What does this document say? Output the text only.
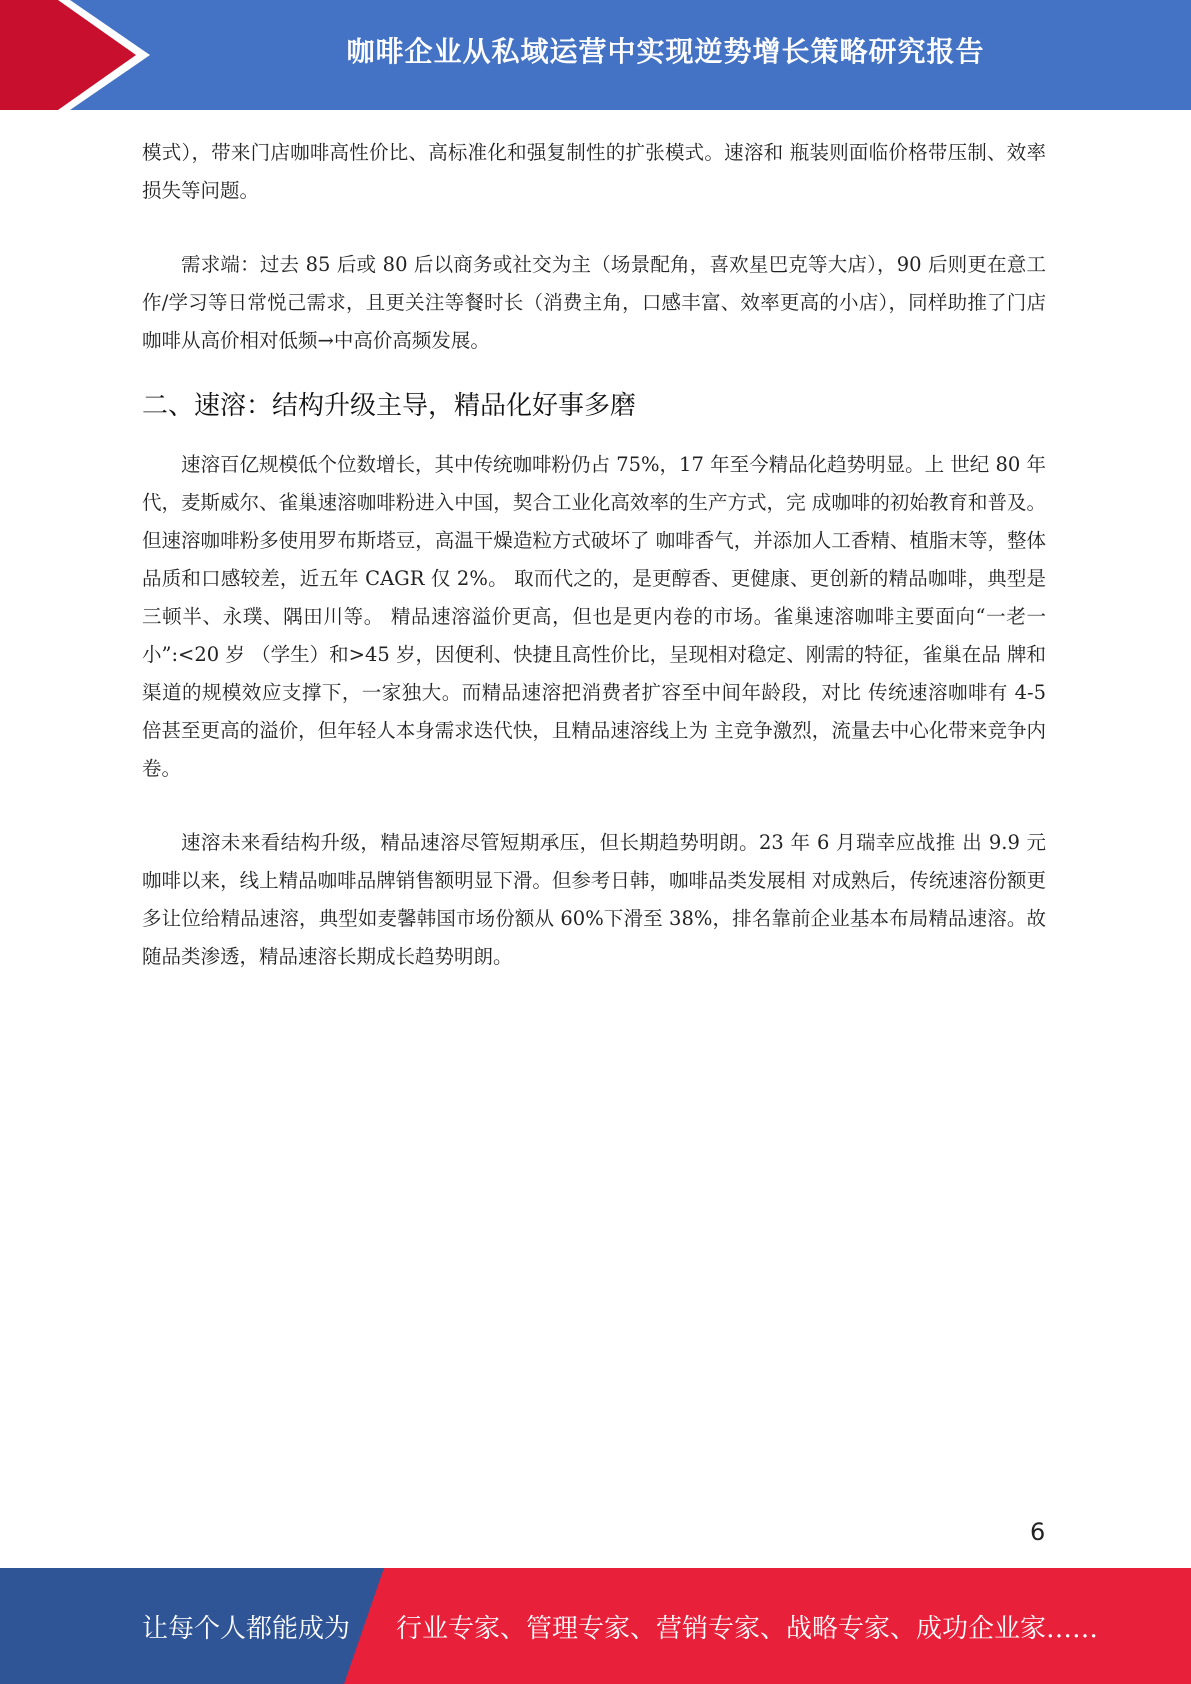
咖啡企业从私域运营中实现逆势增长策略研究报告

模式），带来门店咖啡高性价比、高标准化和强复制性的扩张模式。速溶和 瓶装则面临价格带压制、效率损失等问题。

需求端：过去 85 后或 80 后以商务或社交为主（场景配角，喜欢星巴克等大店），90 后则更在意工作/学习等日常悦己需求，且更关注等餐时长（消费主角，口感丰富、效率更高的小店），同样助推了门店咖啡从高价相对低频→中高价高频发展。

二、速溶：结构升级主导，精品化好事多磨

速溶百亿规模低个位数增长，其中传统咖啡粉仍占 75%，17 年至今精品化趋势明显。上 世纪 80 年代，麦斯威尔、雀巢速溶咖啡粉进入中国，契合工业化高效率的生产方式，完 成咖啡的初始教育和普及。但速溶咖啡粉多使用罗布斯塔豆，高温干燥造粒方式破坏了 咖啡香气，并添加人工香精、植脂末等，整体品质和口感较差，近五年 CAGR 仅 2%。 取而代之的，是更醇香、更健康、更创新的精品咖啡，典型是三顿半、永璞、隅田川等。 精品速溶溢价更高，但也是更内卷的市场。雀巢速溶咖啡主要面向“一老一小”:<20 岁 （学生）和>45 岁，因便利、快捷且高性价比，呈现相对稳定、刚需的特征，雀巢在品 牌和渠道的规模效应支撑下，一家独大。而精品速溶把消费者扩容至中间年龄段，对比 传统速溶咖啡有 4-5 倍甚至更高的溢价，但年轻人本身需求迭代快，且精品速溶线上为 主竞争激烈，流量去中心化带来竞争内卷。

速溶未来看结构升级，精品速溶尽管短期承压，但长期趋势明朗。23 年 6 月瑞幸应战推 出 9.9 元咖啡以来，线上精品咖啡品牌销售额明显下滑。但参考日韩，咖啡品类发展相 对成熟后，传统速溶份额更多让位给精品速溶，典型如麦馨韩国市场份额从 60%下滑至 38%，排名靠前企业基本布局精品速溶。故随品类渗透，精品速溶长期成长趋势明朗。

6
让每个人都能成为 行业专家、管理专家、营销专家、战略专家、成功企业家……
